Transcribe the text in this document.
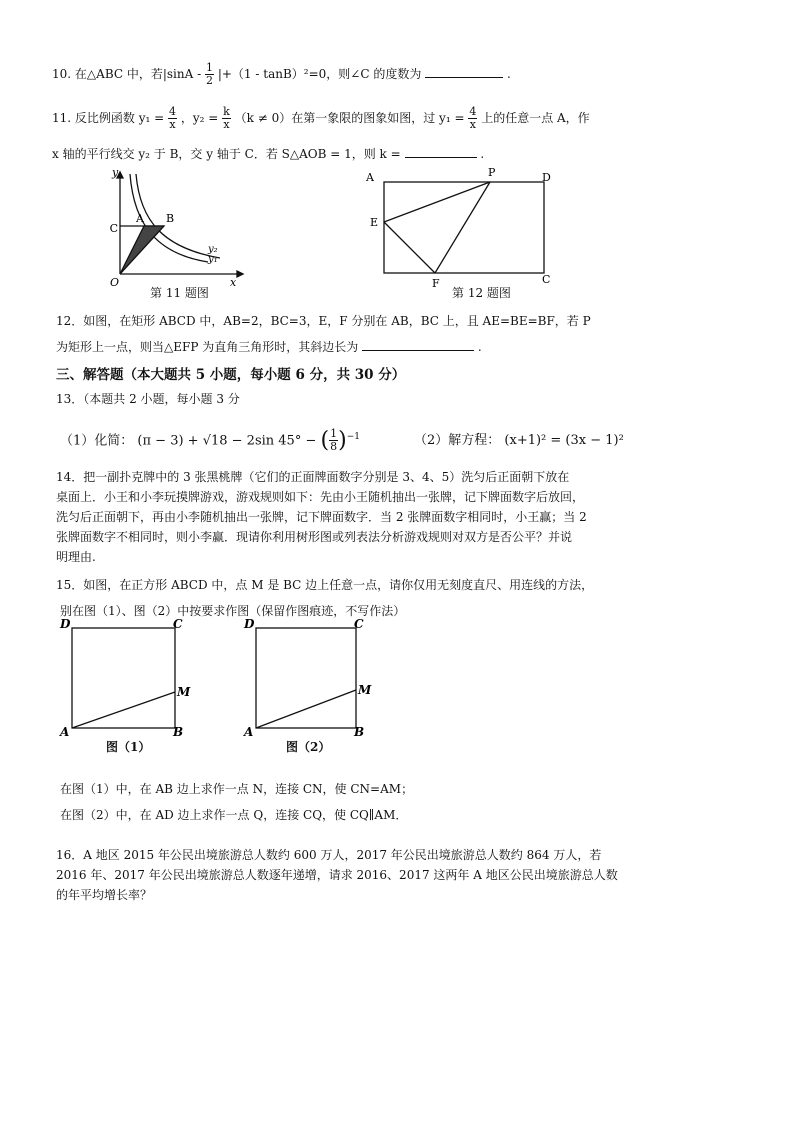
10. 在△ABC 中，若$|\sin A - \frac{1}{2} |+(1 - \tan B)^2=0$，则∠C 的度数为	.
11. 反比例函数 $y_1 = \frac{4}{x}$ ，$y_2 = \frac{k}{x} (k \ne 0)$在第一象限的图象如图，过 $y_1 = \frac{4}{x}$ 上的任意一点 A，作
x 轴的平行线交 y₂ 于 B，交 y 轴于 C．若 S△AOB = 1，则 k =	.
C
A B
O
y
x
y₂
y₁
第 11 题图
A	P	D
E
F	C
第 12 题图
12．如图，在矩形 ABCD 中，AB=2，BC=3，E，F 分别在 AB，BC 上，且 AE=BE=BF，若 P
为矩形上一点，则当△EFP 为直角三角形时，其斜边长为	.
三、解答题（本大题共 5 小题，每小题 6 分，共 30 分）
13．（本题共 2 小题，每小题 3 分
（1）化简： (π − 3) + √18 − 2sin 45° − ( $\frac{1}{8} )^{-1}$	（2）解方程： (x+1)² = (3x − 1)²
14．把一副扑克牌中的 3 张黑桃牌（它们的正面牌面数字分别是 3、4、5）洗匀后正面朝下放在
桌面上．小王和小李玩摸牌游戏，游戏规则如下：先由小王随机抽出一张牌，记下牌面数字后放回，
洗匀后正面朝下，再由小李随机抽出一张牌，记下牌面数字．当 2 张牌面数字相同时，小王赢；当 2
张牌面数字不相同时，则小李赢．现请你利用树形图或列表法分析游戏规则对双方是否公平？并说
明理由.
15．如图，在正方形 ABCD 中，点 M 是 BC 边上任意一点，请你仅用无刻度直尺、用连线的方法，
别在图（1）、图（2）中按要求作图（保留作图痕迹，不写作法）
D	C
M
A	B
图（1）
D	C
M
A	B
图（2）
在图（1）中，在 AB 边上求作一点 N，连接 CN，使 CN=AM；
在图（2）中，在 AD 边上求作一点 Q，连接 CQ，使 CQ∥AM．
16．A 地区 2015 年公民出境旅游总人数约 600 万人，2017 年公民出境旅游总人数约 864 万人，若
2016 年、2017 年公民出境旅游总人数逐年递增，请求 2016、2017 这两年 A 地区公民出境旅游总人数
的年平均增长率？
